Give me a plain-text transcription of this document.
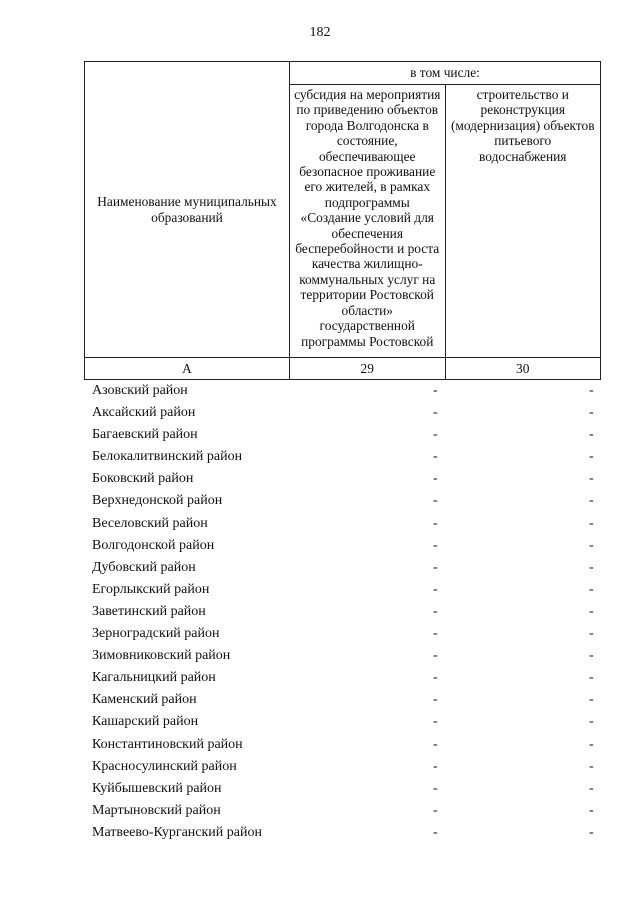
182
Наименование муниципальных образований	в том числе:	

	субсидия на мероприятия по приведению объектов города Волгодонска в состояние, обеспечивающее безопасное проживание его жителей, в рамках подпрограммы «Создание условий для обеспечения бесперебойности и роста качества жилищно-коммунальных услуг на территории Ростовской области» государственной программы Ростовской	строительство и реконструкция (модернизация) объектов питьевого водоснабжения

А	29	30
Азовский район	-	-
Аксайский район	-	-
Багаевский район	-	-
Белокалитвинский район	-	-
Боковский район	-	-
Верхнедонской район	-	-
Веселовский район	-	-
Волгодонской район	-	-
Дубовский район	-	-
Егорлыкский район	-	-
Заветинский район	-	-
Зерноградский район	-	-
Зимовниковский район	-	-
Кагальницкий район	-	-
Каменский район	-	-
Кашарский район	-	-
Константиновский район	-	-
Красносулинский район	-	-
Куйбышевский район	-	-
Мартыновский район	-	-
Матвеево-Курганский район	-	-
